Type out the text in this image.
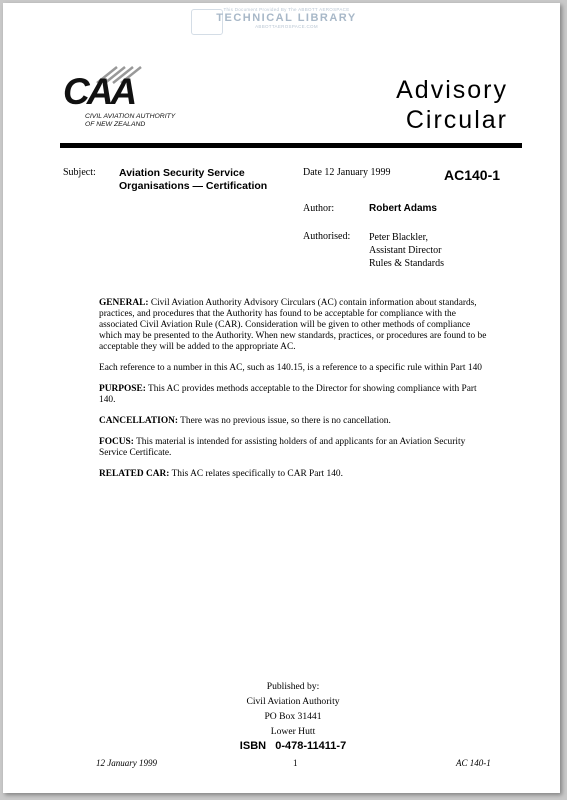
This Document Provided By The ABBOTT AEROSPACE
TECHNICAL LIBRARY
ABBOTTAEROSPACE.COM
CAA
CIVIL AVIATION AUTHORITY
OF NEW ZEALAND
Advisory
Circular
Subject: Aviation Security Service
Organisations — Certification
Date 12 January 1999	AC140-1
Author:	Robert Adams
Authorised: Peter Blackler,
Assistant Director
Rules & Standards

GENERAL: Civil Aviation Authority Advisory Circulars (AC) contain information about standards, practices, and procedures that the Authority has found to be acceptable for compliance with the associated Civil Aviation Rule (CAR). Consideration will be given to other methods of compliance which may be presented to the Authority. When new standards, practices, or procedures are found to be acceptable they will be added to the appropriate AC.

Each reference to a number in this AC, such as 140.15, is a reference to a specific rule within Part 140

PURPOSE: This AC provides methods acceptable to the Director for showing compliance with Part 140.

CANCELLATION: There was no previous issue, so there is no cancellation.

FOCUS: This material is intended for assisting holders of and applicants for an Aviation Security Service Certificate.

RELATED CAR: This AC relates specifically to CAR Part 140.

Published by:
Civil Aviation Authority
PO Box 31441
Lower Hutt
ISBN   0-478-11411-7
12 January 1999	1	AC 140-1
